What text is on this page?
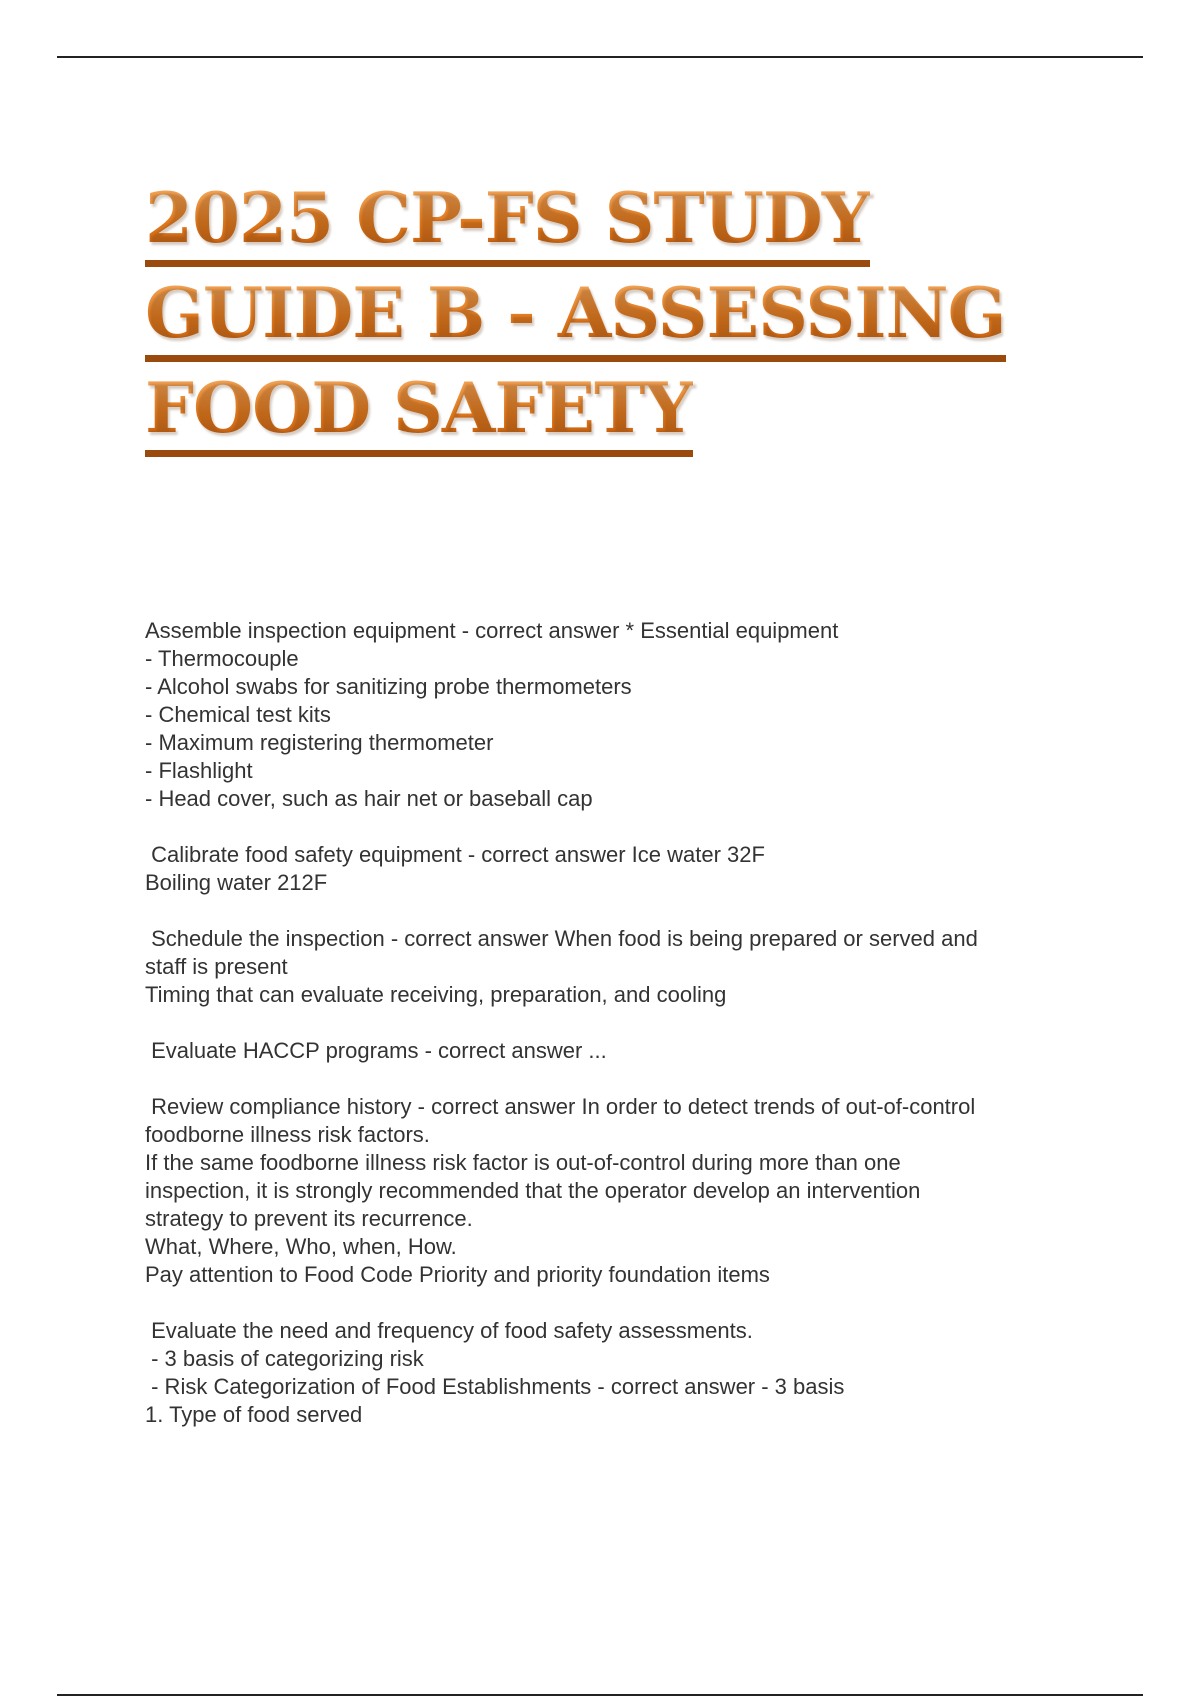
2025 CP-FS STUDY
GUIDE B - ASSESSING
FOOD SAFETY
Assemble inspection equipment - correct answer * Essential equipment
- Thermocouple
- Alcohol swabs for sanitizing probe thermometers
- Chemical test kits
- Maximum registering thermometer
- Flashlight
- Head cover, such as hair net or baseball cap
Calibrate food safety equipment - correct answer Ice water 32F
Boiling water 212F
Schedule the inspection - correct answer When food is being prepared or served and
staff is present
Timing that can evaluate receiving, preparation, and cooling
Evaluate HACCP programs - correct answer ...
Review compliance history - correct answer In order to detect trends of out-of-control
foodborne illness risk factors.
If the same foodborne illness risk factor is out-of-control during more than one
inspection, it is strongly recommended that the operator develop an intervention
strategy to prevent its recurrence.
What, Where, Who, when, How.
Pay attention to Food Code Priority and priority foundation items
Evaluate the need and frequency of food safety assessments.
- 3 basis of categorizing risk
- Risk Categorization of Food Establishments - correct answer - 3 basis
1. Type of food served
